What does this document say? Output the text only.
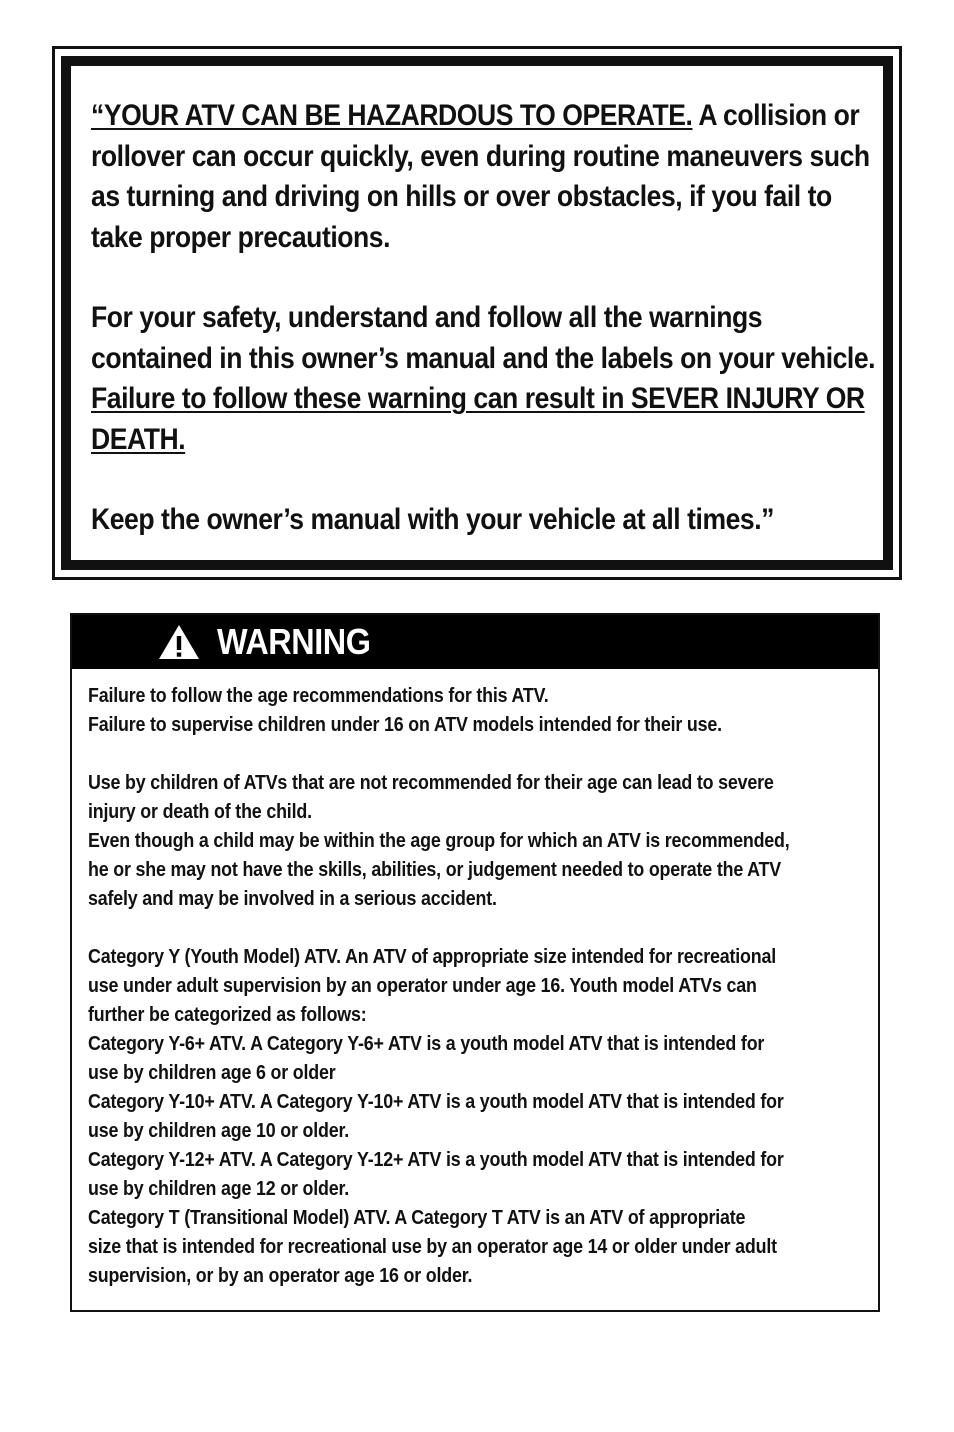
“YOUR ATV CAN BE HAZARDOUS TO OPERATE. A collision or rollover can occur quickly, even during routine maneuvers such as turning and driving on hills or over obstacles, if you fail to take proper precautions.

For your safety, understand and follow all the warnings contained in this owner’s manual and the labels on your vehicle. Failure to follow these warning can result in SEVER INJURY OR DEATH.

Keep the owner’s manual with your vehicle at all times.”

WARNING
Failure to follow the age recommendations for this ATV.
Failure to supervise children under 16 on ATV models intended for their use.
Use by children of ATVs that are not recommended for their age can lead to severe
injury or death of the child.
Even though a child may be within the age group for which an ATV is recommended,
he or she may not have the skills, abilities, or judgement needed to operate the ATV
safely and may be involved in a serious accident.
Category Y (Youth Model) ATV. An ATV of appropriate size intended for recreational
use under adult supervision by an operator under age 16. Youth model ATVs can
further be categorized as follows:
Category Y-6+ ATV. A Category Y-6+ ATV is a youth model ATV that is intended for
use by children age 6 or older
Category Y-10+ ATV. A Category Y-10+ ATV is a youth model ATV that is intended for
use by children age 10 or older.
Category Y-12+ ATV. A Category Y-12+ ATV is a youth model ATV that is intended for
use by children age 12 or older.
Category T (Transitional Model) ATV. A Category T ATV is an ATV of appropriate
size that is intended for recreational use by an operator age 14 or older under adult
supervision, or by an operator age 16 or older.
